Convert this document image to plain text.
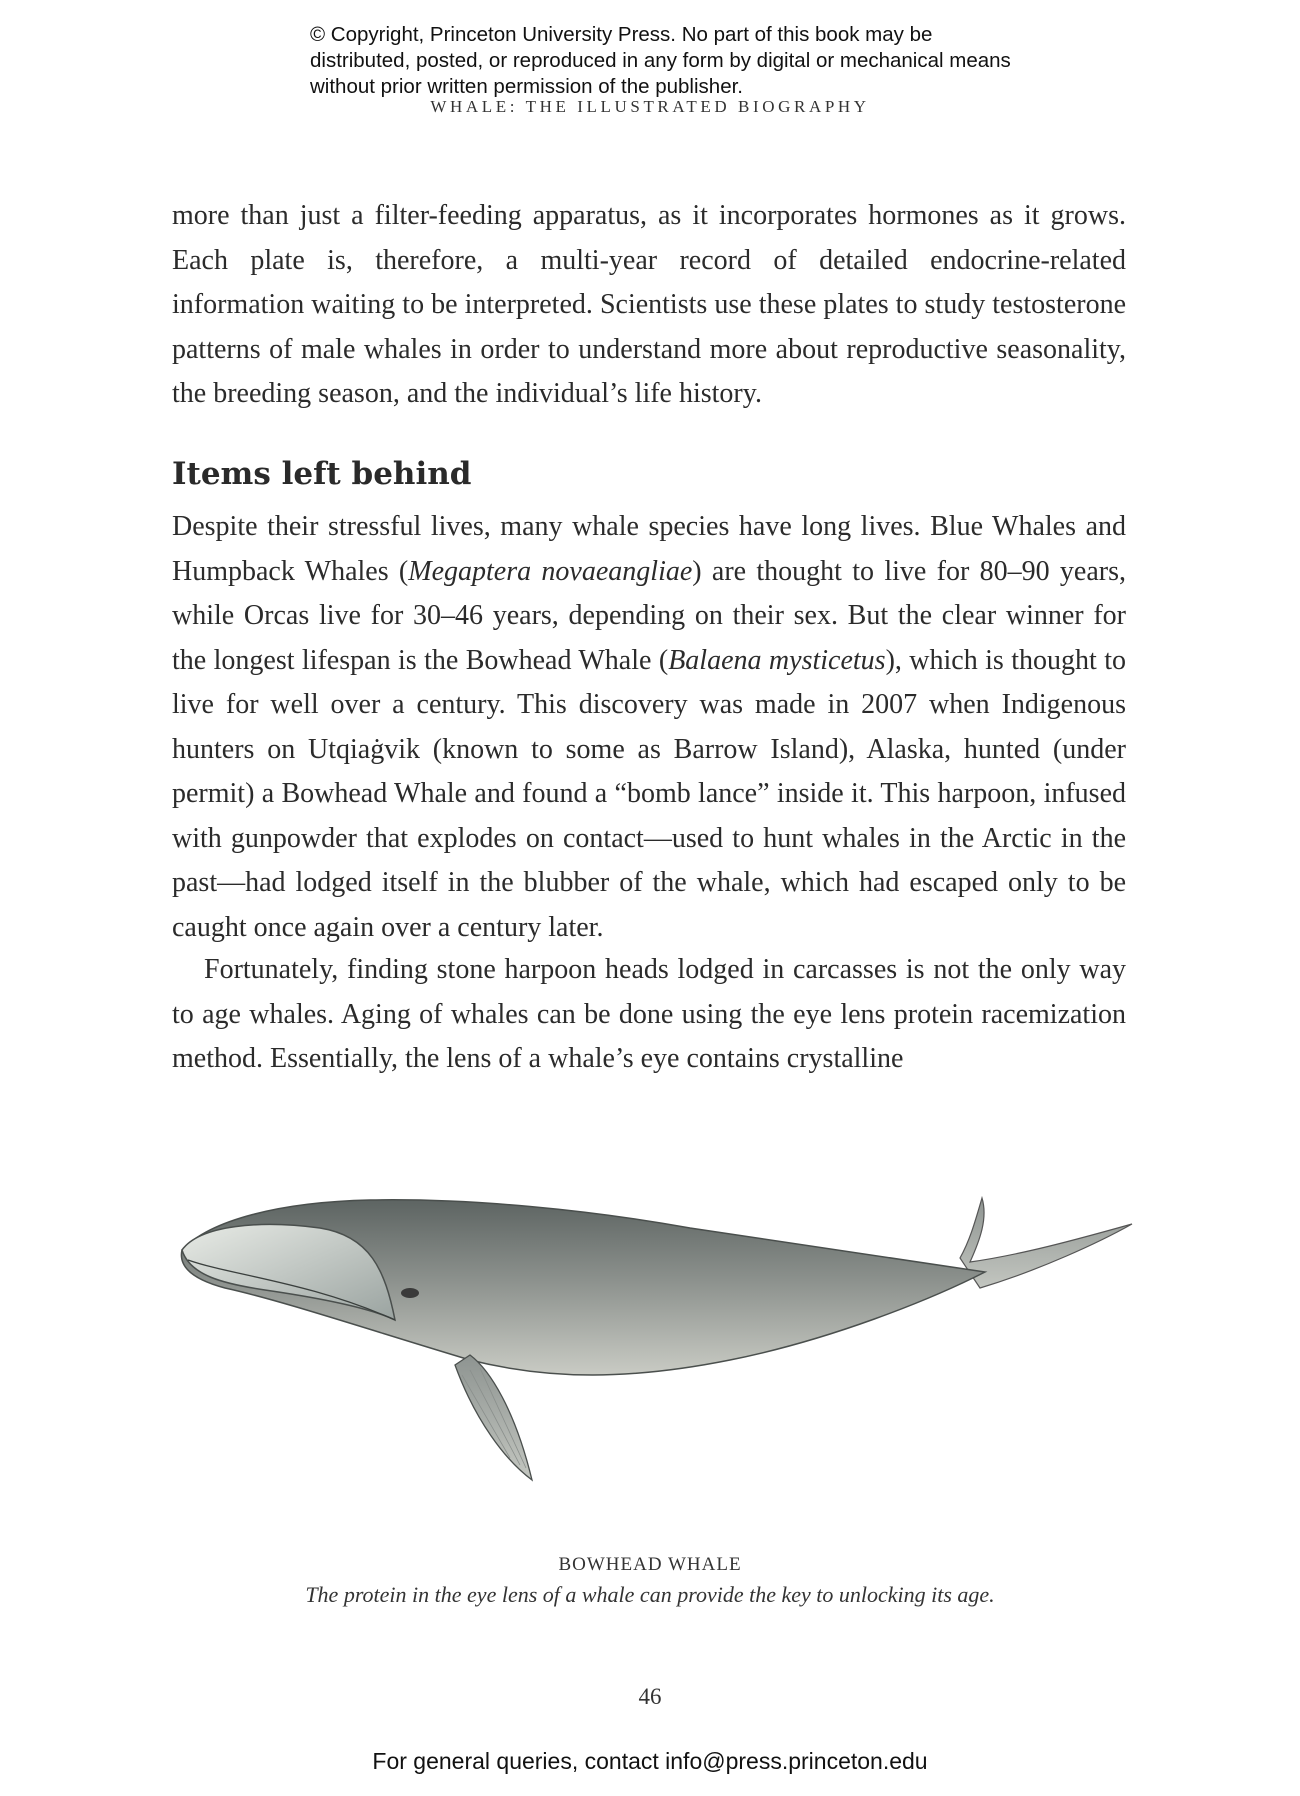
© Copyright, Princeton University Press. No part of this book may be distributed, posted, or reproduced in any form by digital or mechanical means without prior written permission of the publisher.
WHALE: THE ILLUSTRATED BIOGRAPHY

more than just a filter-feeding apparatus, as it incorporates hormones as it grows. Each plate is, therefore, a multi-year record of detailed endocrine-related information waiting to be interpreted. Scientists use these plates to study testosterone patterns of male whales in order to understand more about reproductive seasonality, the breeding season, and the individual’s life history.

Items left behind

Despite their stressful lives, many whale species have long lives. Blue Whales and Humpback Whales (Megaptera novaeangliae) are thought to live for 80–90 years, while Orcas live for 30–46 years, depending on their sex. But the clear winner for the longest lifespan is the Bowhead Whale (Balaena mysticetus), which is thought to live for well over a century. This discovery was made in 2007 when Indigenous hunters on Utqiaġvik (known to some as Barrow Island), Alaska, hunted (under permit) a Bowhead Whale and found a “bomb lance” inside it. This harpoon, infused with gunpowder that explodes on contact—used to hunt whales in the Arctic in the past—had lodged itself in the blubber of the whale, which had escaped only to be caught once again over a century later.

Fortunately, finding stone harpoon heads lodged in carcasses is not the only way to age whales. Aging of whales can be done using the eye lens protein racemization method. Essentially, the lens of a whale’s eye contains crystalline

BOWHEAD WHALE
The protein in the eye lens of a whale can provide the key to unlocking its age.
46
For general queries, contact info@press.princeton.edu
